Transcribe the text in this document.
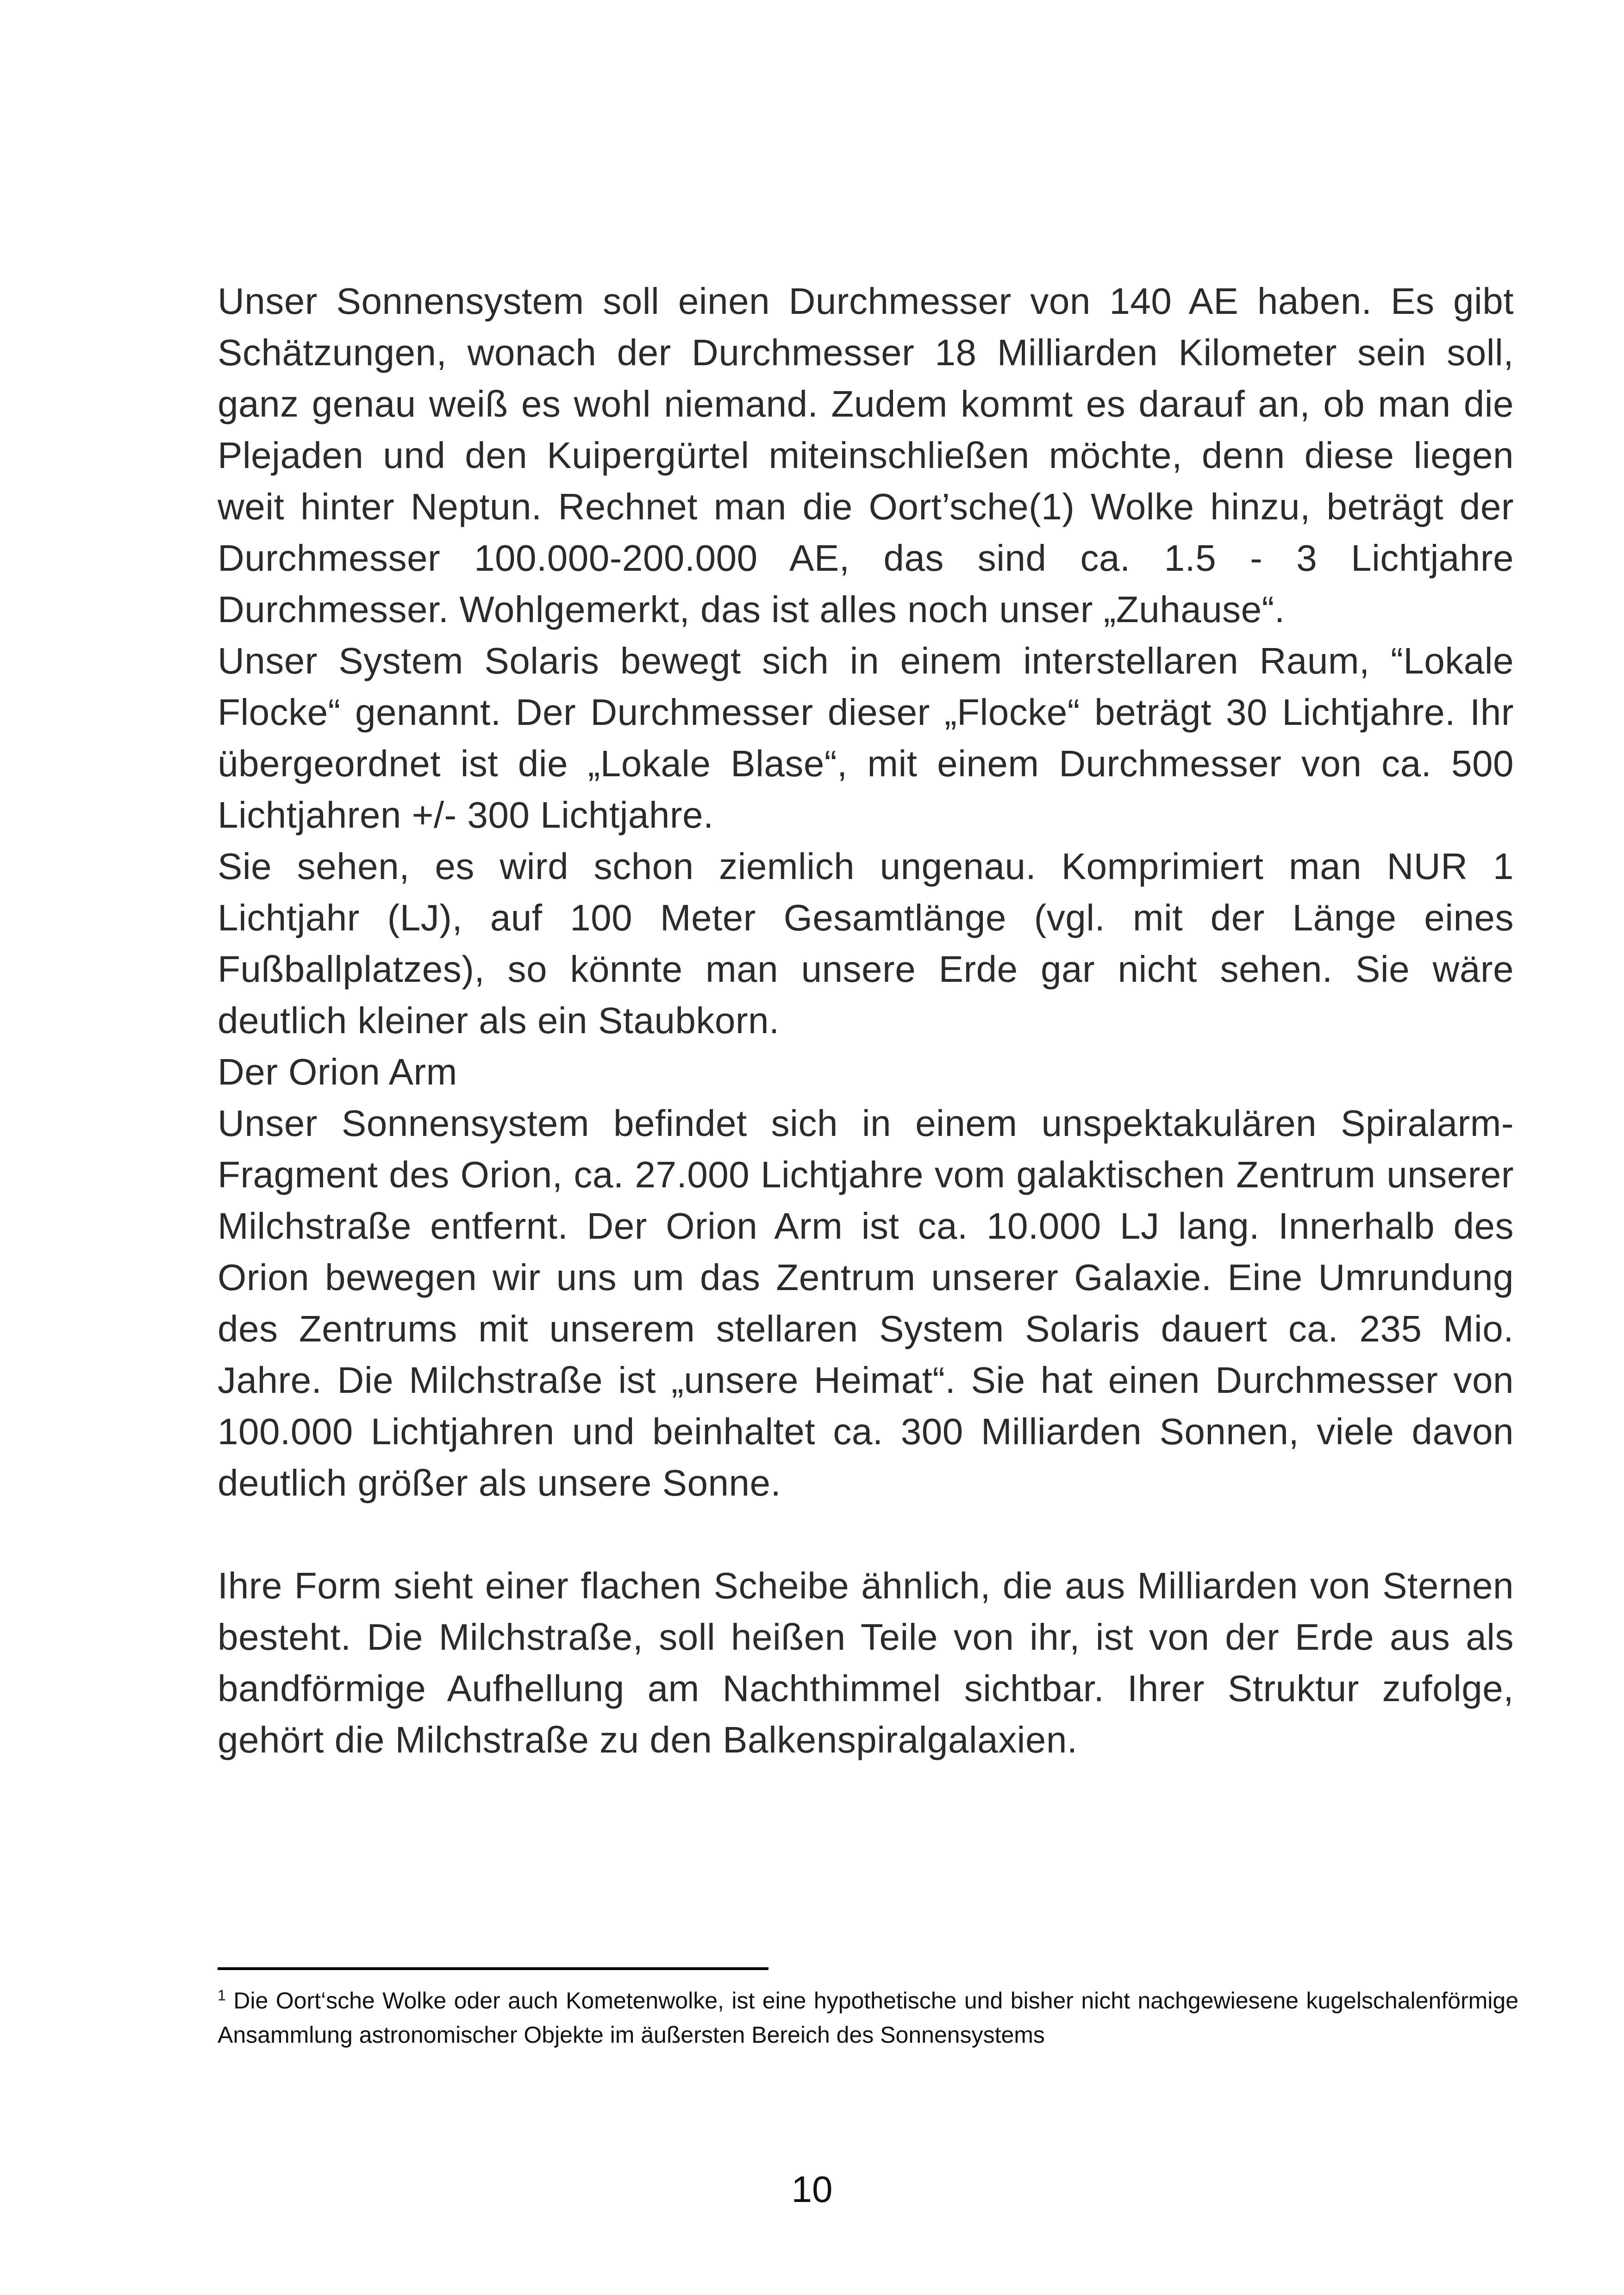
Unser Sonnensystem soll einen Durchmesser von 140 AE haben. Es gibt Schätzungen, wonach der Durchmesser 18 Milliarden Kilometer sein soll, ganz genau weiß es wohl niemand. Zudem kommt es darauf an, ob man die Plejaden und den Kuipergürtel miteinschließen möchte, denn diese liegen weit hinter Neptun. Rechnet man die Oort’sche(1) Wolke hinzu, beträgt der Durchmesser 100.000-200.000 AE, das sind ca. 1.5 - 3 Lichtjahre Durchmesser. Wohlgemerkt, das ist alles noch unser „Zuhause“.

Unser System Solaris bewegt sich in einem interstellaren Raum, “Lokale Flocke“ genannt. Der Durchmesser dieser „Flocke“ beträgt 30 Lichtjahre. Ihr übergeordnet ist die „Lokale Blase“, mit einem Durchmesser von ca. 500 Lichtjahren +/- 300 Lichtjahre.

Sie sehen, es wird schon ziemlich ungenau. Komprimiert man NUR 1 Lichtjahr (LJ), auf 100 Meter Gesamtlänge (vgl. mit der Länge eines Fußballplatzes), so könnte man unsere Erde gar nicht sehen. Sie wäre deutlich kleiner als ein Staubkorn.

Der Orion Arm

Unser Sonnensystem befindet sich in einem unspektakulären Spiralarm-Fragment des Orion, ca. 27.000 Lichtjahre vom galaktischen Zentrum unserer Milchstraße entfernt. Der Orion Arm ist ca. 10.000 LJ lang. Innerhalb des Orion bewegen wir uns um das Zentrum unserer Galaxie. Eine Umrundung des Zentrums mit unserem stellaren System Solaris dauert ca. 235 Mio. Jahre. Die Milchstraße ist „unsere Heimat“. Sie hat einen Durchmesser von 100.000 Lichtjahren und beinhaltet ca. 300 Milliarden Sonnen, viele davon deutlich größer als unsere Sonne.

Ihre Form sieht einer flachen Scheibe ähnlich, die aus Milliarden von Sternen besteht. Die Milchstraße, soll heißen Teile von ihr, ist von der Erde aus als bandförmige Aufhellung am Nachthimmel sichtbar. Ihrer Struktur zufolge, gehört die Milchstraße zu den Balkenspiralgalaxien.

$^1$ Die Oort‘sche Wolke oder auch Kometenwolke, ist eine hypothetische und bisher nicht nachgewiesene kugelschalenförmige Ansammlung astronomischer Objekte im äußersten Bereich des Sonnensystems
10
